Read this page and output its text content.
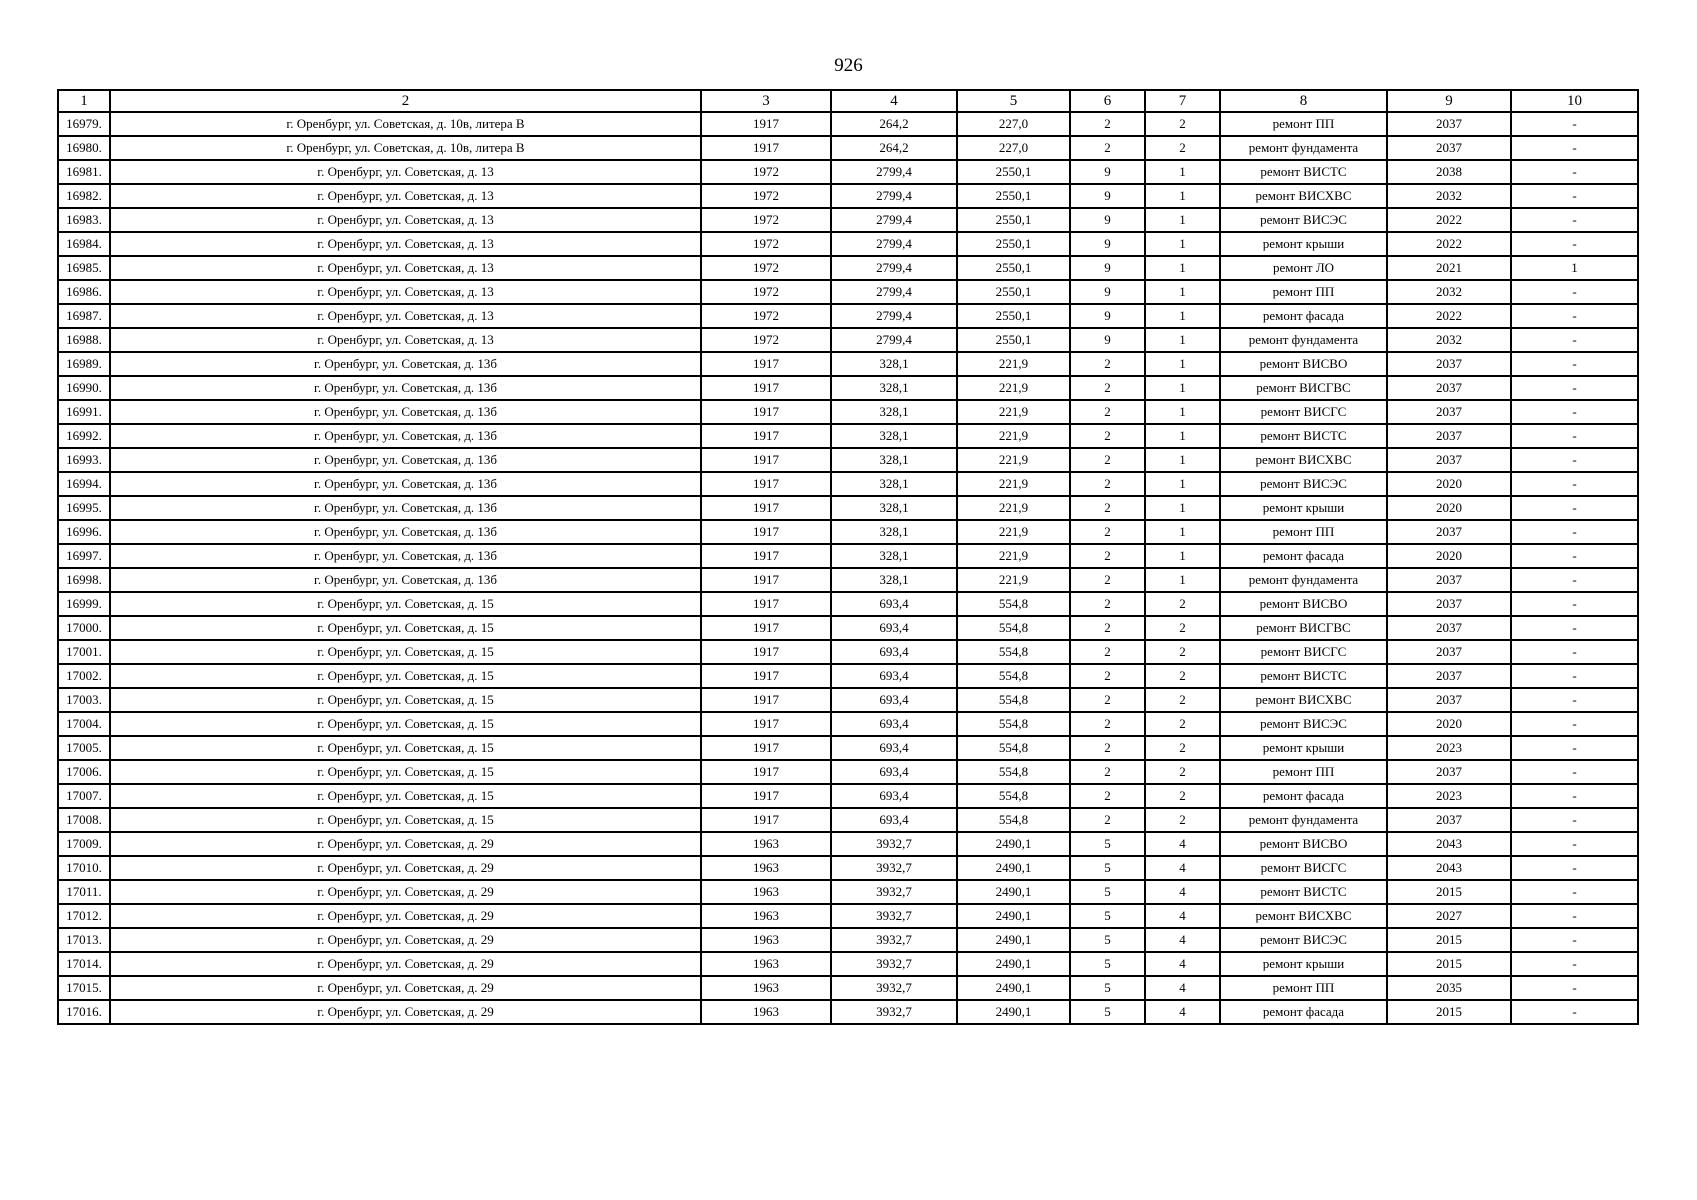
926
1	2	3	4	5	6	7	8	9	10
16979.	г. Оренбург, ул. Советская, д. 10в, литера В	1917	264,2	227,0	2	2	ремонт ПП	2037	-
16980.	г. Оренбург, ул. Советская, д. 10в, литера В	1917	264,2	227,0	2	2	ремонт фундамента	2037	-
16981.	г. Оренбург, ул. Советская, д. 13	1972	2799,4	2550,1	9	1	ремонт ВИСТС	2038	-
16982.	г. Оренбург, ул. Советская, д. 13	1972	2799,4	2550,1	9	1	ремонт ВИСХВС	2032	-
16983.	г. Оренбург, ул. Советская, д. 13	1972	2799,4	2550,1	9	1	ремонт ВИСЭС	2022	-
16984.	г. Оренбург, ул. Советская, д. 13	1972	2799,4	2550,1	9	1	ремонт крыши	2022	-
16985.	г. Оренбург, ул. Советская, д. 13	1972	2799,4	2550,1	9	1	ремонт ЛО	2021	1
16986.	г. Оренбург, ул. Советская, д. 13	1972	2799,4	2550,1	9	1	ремонт ПП	2032	-
16987.	г. Оренбург, ул. Советская, д. 13	1972	2799,4	2550,1	9	1	ремонт фасада	2022	-
16988.	г. Оренбург, ул. Советская, д. 13	1972	2799,4	2550,1	9	1	ремонт фундамента	2032	-
16989.	г. Оренбург, ул. Советская, д. 13б	1917	328,1	221,9	2	1	ремонт ВИСВО	2037	-
16990.	г. Оренбург, ул. Советская, д. 13б	1917	328,1	221,9	2	1	ремонт ВИСГВС	2037	-
16991.	г. Оренбург, ул. Советская, д. 13б	1917	328,1	221,9	2	1	ремонт ВИСГС	2037	-
16992.	г. Оренбург, ул. Советская, д. 13б	1917	328,1	221,9	2	1	ремонт ВИСТС	2037	-
16993.	г. Оренбург, ул. Советская, д. 13б	1917	328,1	221,9	2	1	ремонт ВИСХВС	2037	-
16994.	г. Оренбург, ул. Советская, д. 13б	1917	328,1	221,9	2	1	ремонт ВИСЭС	2020	-
16995.	г. Оренбург, ул. Советская, д. 13б	1917	328,1	221,9	2	1	ремонт крыши	2020	-
16996.	г. Оренбург, ул. Советская, д. 13б	1917	328,1	221,9	2	1	ремонт ПП	2037	-
16997.	г. Оренбург, ул. Советская, д. 13б	1917	328,1	221,9	2	1	ремонт фасада	2020	-
16998.	г. Оренбург, ул. Советская, д. 13б	1917	328,1	221,9	2	1	ремонт фундамента	2037	-
16999.	г. Оренбург, ул. Советская, д. 15	1917	693,4	554,8	2	2	ремонт ВИСВО	2037	-
17000.	г. Оренбург, ул. Советская, д. 15	1917	693,4	554,8	2	2	ремонт ВИСГВС	2037	-
17001.	г. Оренбург, ул. Советская, д. 15	1917	693,4	554,8	2	2	ремонт ВИСГС	2037	-
17002.	г. Оренбург, ул. Советская, д. 15	1917	693,4	554,8	2	2	ремонт ВИСТС	2037	-
17003.	г. Оренбург, ул. Советская, д. 15	1917	693,4	554,8	2	2	ремонт ВИСХВС	2037	-
17004.	г. Оренбург, ул. Советская, д. 15	1917	693,4	554,8	2	2	ремонт ВИСЭС	2020	-
17005.	г. Оренбург, ул. Советская, д. 15	1917	693,4	554,8	2	2	ремонт крыши	2023	-
17006.	г. Оренбург, ул. Советская, д. 15	1917	693,4	554,8	2	2	ремонт ПП	2037	-
17007.	г. Оренбург, ул. Советская, д. 15	1917	693,4	554,8	2	2	ремонт фасада	2023	-
17008.	г. Оренбург, ул. Советская, д. 15	1917	693,4	554,8	2	2	ремонт фундамента	2037	-
17009.	г. Оренбург, ул. Советская, д. 29	1963	3932,7	2490,1	5	4	ремонт ВИСВО	2043	-
17010.	г. Оренбург, ул. Советская, д. 29	1963	3932,7	2490,1	5	4	ремонт ВИСГС	2043	-
17011.	г. Оренбург, ул. Советская, д. 29	1963	3932,7	2490,1	5	4	ремонт ВИСТС	2015	-
17012.	г. Оренбург, ул. Советская, д. 29	1963	3932,7	2490,1	5	4	ремонт ВИСХВС	2027	-
17013.	г. Оренбург, ул. Советская, д. 29	1963	3932,7	2490,1	5	4	ремонт ВИСЭС	2015	-
17014.	г. Оренбург, ул. Советская, д. 29	1963	3932,7	2490,1	5	4	ремонт крыши	2015	-
17015.	г. Оренбург, ул. Советская, д. 29	1963	3932,7	2490,1	5	4	ремонт ПП	2035	-
17016.	г. Оренбург, ул. Советская, д. 29	1963	3932,7	2490,1	5	4	ремонт фасада	2015	-
